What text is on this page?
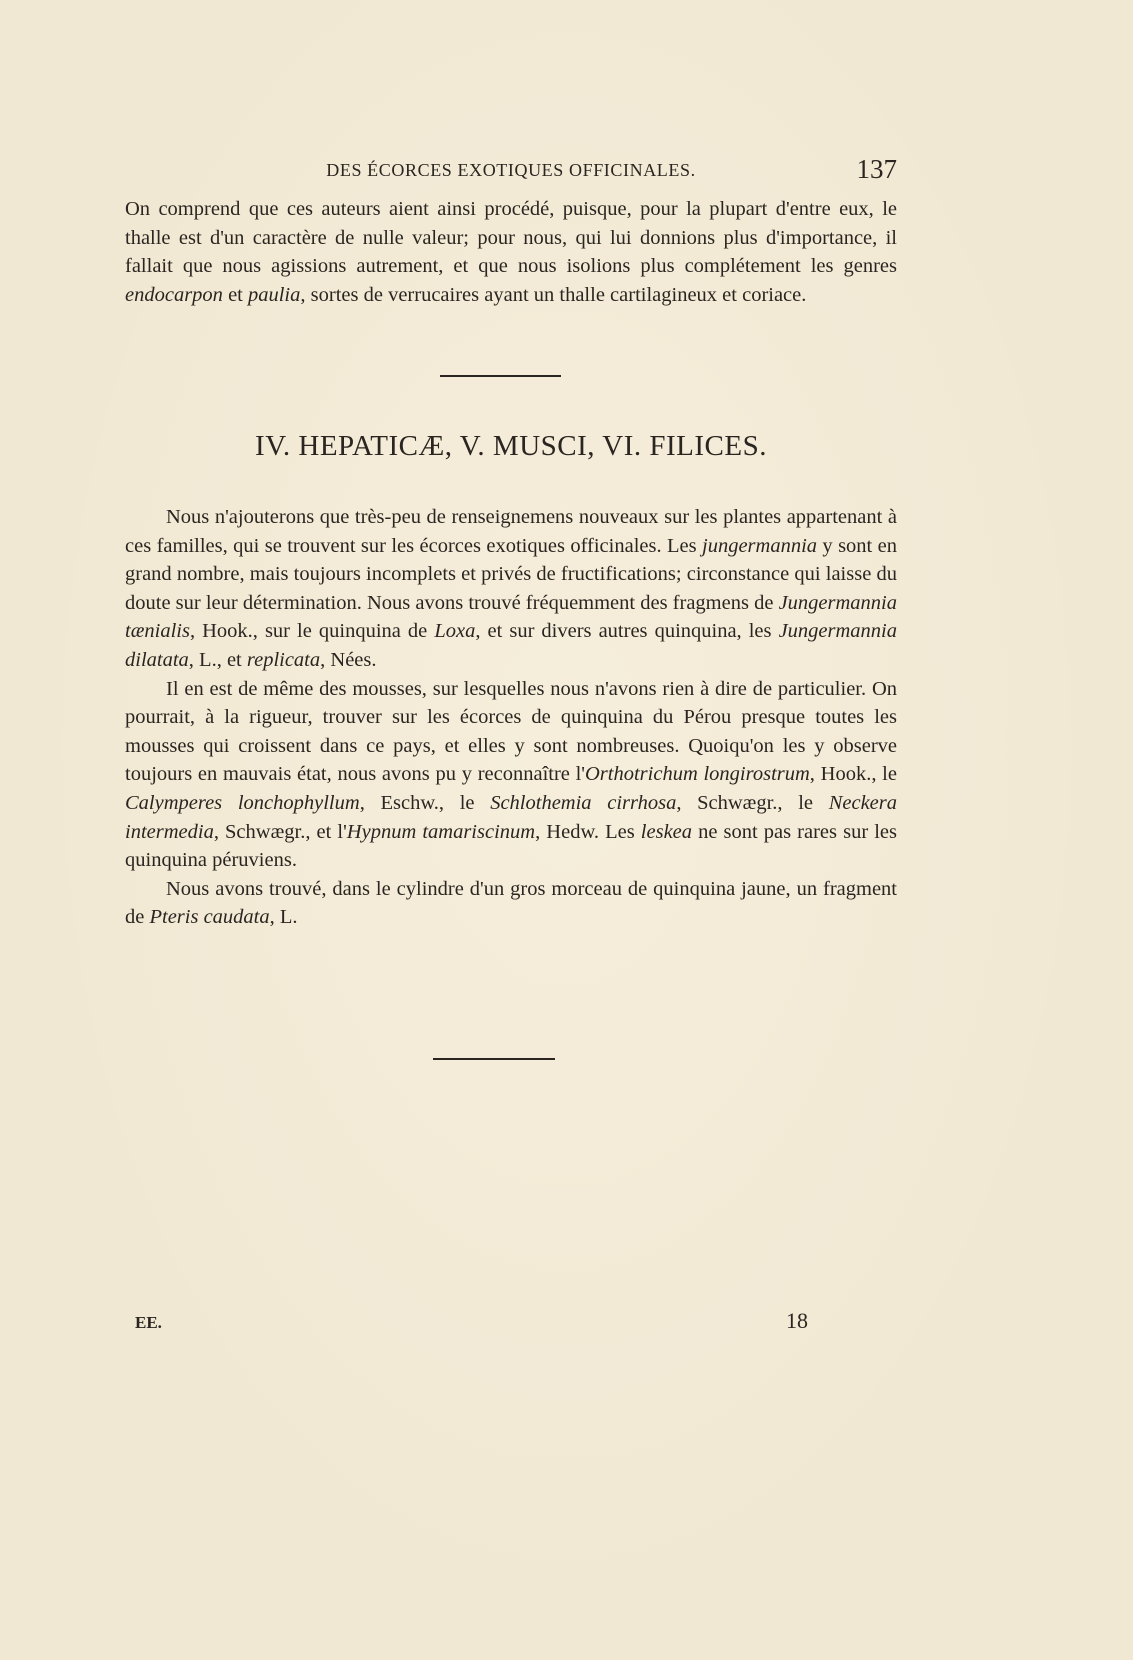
DES ÉCORCES EXOTIQUES OFFICINALES.	137

On comprend que ces auteurs aient ainsi procédé, puisque, pour la plupart d'entre eux, le thalle est d'un caractère de nulle valeur; pour nous, qui lui donnions plus d'importance, il fallait que nous agissions autrement, et que nous isolions plus complétement les genres endocarpon et paulia, sortes de verrucaires ayant un thalle cartilagineux et coriace.

IV. HEPATICÆ, V. MUSCI, VI. FILICES.

Nous n'ajouterons que très-peu de renseignemens nouveaux sur les plantes appartenant à ces familles, qui se trouvent sur les écorces exotiques officinales. Les jungermannia y sont en grand nombre, mais toujours incomplets et privés de fructifications; circonstance qui laisse du doute sur leur détermination. Nous avons trouvé fréquemment des fragmens de Jungermannia tænialis, Hook., sur le quinquina de Loxa, et sur divers autres quinquina, les Jungermannia dilatata, L., et replicata, Nées.

Il en est de même des mousses, sur lesquelles nous n'avons rien à dire de particulier. On pourrait, à la rigueur, trouver sur les écorces de quinquina du Pérou presque toutes les mousses qui croissent dans ce pays, et elles y sont nombreuses. Quoiqu'on les y observe toujours en mauvais état, nous avons pu y reconnaître l'Orthotrichum longirostrum, Hook., le Calymperes lonchophyllum, Eschw., le Schlothemia cirrhosa, Schwægr., le Neckera intermedia, Schwægr., et l'Hypnum tamariscinum, Hedw. Les leskea ne sont pas rares sur les quinquina péruviens.

Nous avons trouvé, dans le cylindre d'un gros morceau de quinquina jaune, un fragment de Pteris caudata, L.

EE.	18
